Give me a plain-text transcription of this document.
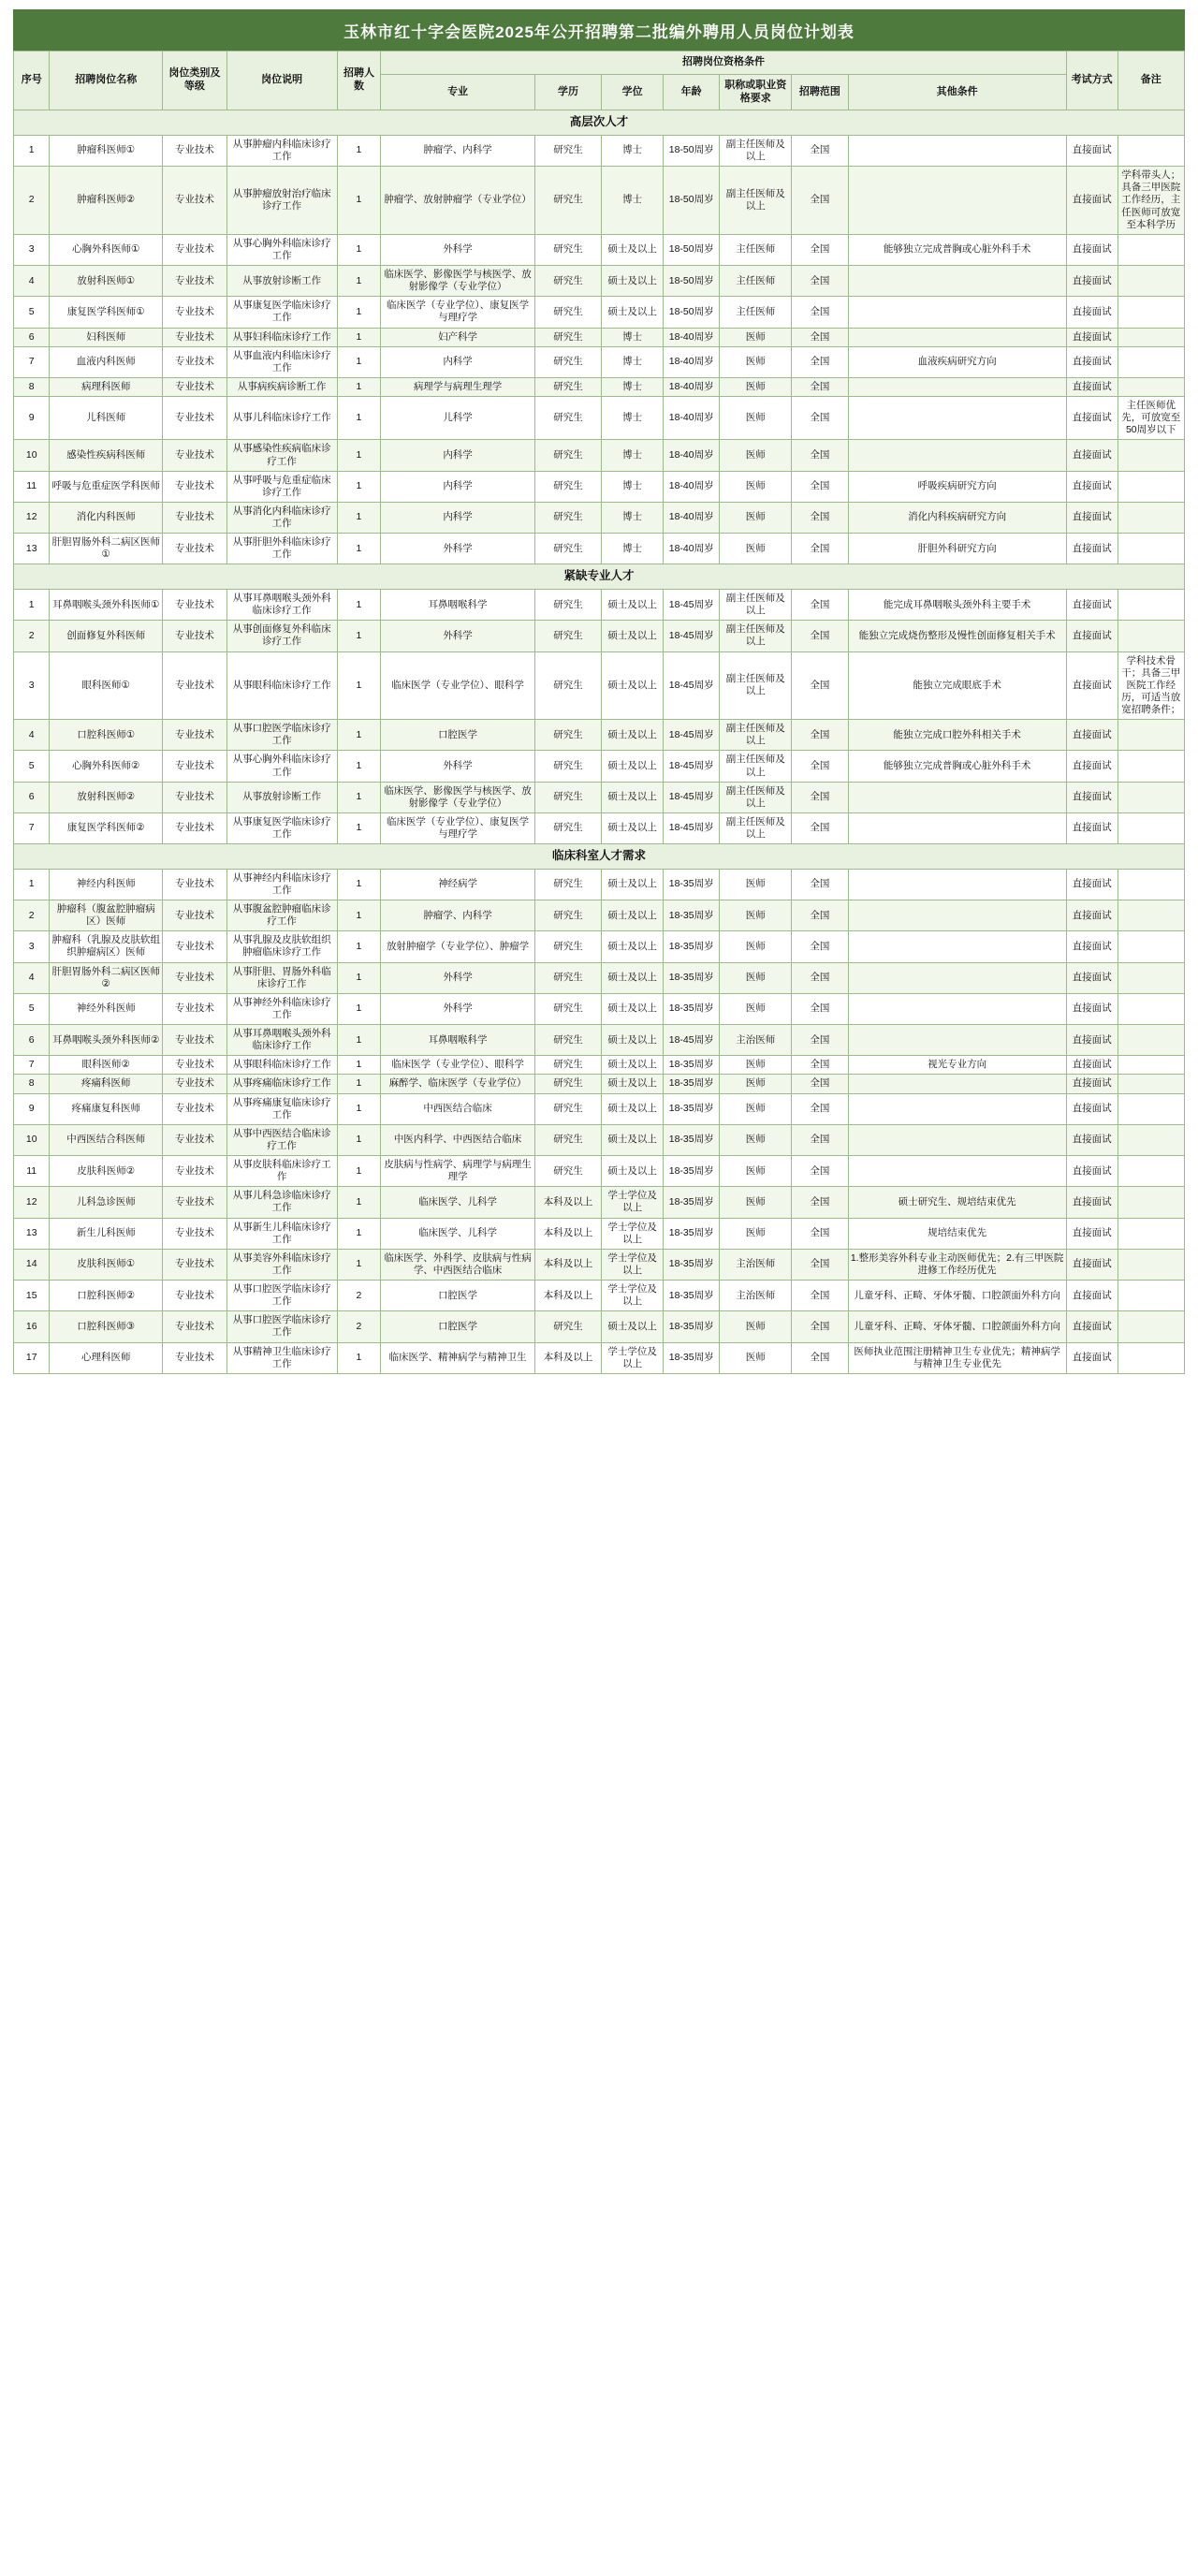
玉林市红十字会医院2025年公开招聘第二批编外聘用人员岗位计划表
序号	招聘岗位名称	岗位类别及等级	岗位说明	招聘人数	招聘岗位资格条件							考试方式	备注
					专业	学历	学位	年龄	职称或职业资格要求	招聘范围	其他条件		
高层次人才													
1	肿瘤科医师①	专业技术	从事肿瘤内科临床诊疗工作	1	肿瘤学、内科学	研究生	博士	18-50周岁	副主任医师及以上	全国		直接面试	
2	肿瘤科医师②	专业技术	从事肿瘤放射治疗临床诊疗工作	1	肿瘤学、放射肿瘤学（专业学位）	研究生	博士	18-50周岁	副主任医师及以上	全国		直接面试	学科带头人；具备三甲医院工作经历，主任医师可放宽至本科学历
3	心胸外科医师①	专业技术	从事心胸外科临床诊疗工作	1	外科学	研究生	硕士及以上	18-50周岁	主任医师	全国	能够独立完成普胸或心脏外科手术	直接面试	
4	放射科医师①	专业技术	从事放射诊断工作	1	临床医学、影像医学与核医学、放射影像学（专业学位）	研究生	硕士及以上	18-50周岁	主任医师	全国		直接面试	
5	康复医学科医师①	专业技术	从事康复医学临床诊疗工作	1	临床医学（专业学位）、康复医学与理疗学	研究生	硕士及以上	18-50周岁	主任医师	全国		直接面试	
6	妇科医师	专业技术	从事妇科临床诊疗工作	1	妇产科学	研究生	博士	18-40周岁	医师	全国		直接面试	
7	血液内科医师	专业技术	从事血液内科临床诊疗工作	1	内科学	研究生	博士	18-40周岁	医师	全国	血液疾病研究方向	直接面试	
8	病理科医师	专业技术	从事病疾病诊断工作	1	病理学与病理生理学	研究生	博士	18-40周岁	医师	全国		直接面试	
9	儿科医师	专业技术	从事儿科临床诊疗工作	1	儿科学	研究生	博士	18-40周岁	医师	全国		直接面试	主任医师优先，可放宽至50周岁以下
10	感染性疾病科医师	专业技术	从事感染性疾病临床诊疗工作	1	内科学	研究生	博士	18-40周岁	医师	全国		直接面试	
11	呼吸与危重症医学科医师	专业技术	从事呼吸与危重症临床诊疗工作	1	内科学	研究生	博士	18-40周岁	医师	全国	呼吸疾病研究方向	直接面试	
12	消化内科医师	专业技术	从事消化内科临床诊疗工作	1	内科学	研究生	博士	18-40周岁	医师	全国	消化内科疾病研究方向	直接面试	
13	肝胆胃肠外科二病区医师①	专业技术	从事肝胆外科临床诊疗工作	1	外科学	研究生	博士	18-40周岁	医师	全国	肝胆外科研究方向	直接面试	
紧缺专业人才													
1	耳鼻咽喉头颈外科医师①	专业技术	从事耳鼻咽喉头颈外科临床诊疗工作	1	耳鼻咽喉科学	研究生	硕士及以上	18-45周岁	副主任医师及以上	全国	能完成耳鼻咽喉头颈外科主要手术	直接面试	
2	创面修复外科医师	专业技术	从事创面修复外科临床诊疗工作	1	外科学	研究生	硕士及以上	18-45周岁	副主任医师及以上	全国	能独立完成烧伤整形及慢性创面修复相关手术	直接面试	
3	眼科医师①	专业技术	从事眼科临床诊疗工作	1	临床医学（专业学位）、眼科学	研究生	硕士及以上	18-45周岁	副主任医师及以上	全国	能独立完成眼底手术	直接面试	学科技术骨干；具备三甲医院工作经历，可适当放宽招聘条件；
4	口腔科医师①	专业技术	从事口腔医学临床诊疗工作	1	口腔医学	研究生	硕士及以上	18-45周岁	副主任医师及以上	全国	能独立完成口腔外科相关手术	直接面试	
5	心胸外科医师②	专业技术	从事心胸外科临床诊疗工作	1	外科学	研究生	硕士及以上	18-45周岁	副主任医师及以上	全国	能够独立完成普胸或心脏外科手术	直接面试	
6	放射科医师②	专业技术	从事放射诊断工作	1	临床医学、影像医学与核医学、放射影像学（专业学位）	研究生	硕士及以上	18-45周岁	副主任医师及以上	全国		直接面试	
7	康复医学科医师②	专业技术	从事康复医学临床诊疗工作	1	临床医学（专业学位）、康复医学与理疗学	研究生	硕士及以上	18-45周岁	副主任医师及以上	全国		直接面试	
临床科室人才需求													
1	神经内科医师	专业技术	从事神经内科临床诊疗工作	1	神经病学	研究生	硕士及以上	18-35周岁	医师	全国		直接面试	
2	肿瘤科（腹盆腔肿瘤病区）医师	专业技术	从事腹盆腔肿瘤临床诊疗工作	1	肿瘤学、内科学	研究生	硕士及以上	18-35周岁	医师	全国		直接面试	
3	肿瘤科（乳腺及皮肤软组织肿瘤病区）医师	专业技术	从事乳腺及皮肤软组织肿瘤临床诊疗工作	1	放射肿瘤学（专业学位）、肿瘤学	研究生	硕士及以上	18-35周岁	医师	全国		直接面试	
4	肝胆胃肠外科二病区医师②	专业技术	从事肝胆、胃肠外科临床诊疗工作	1	外科学	研究生	硕士及以上	18-35周岁	医师	全国		直接面试	
5	神经外科医师	专业技术	从事神经外科临床诊疗工作	1	外科学	研究生	硕士及以上	18-35周岁	医师	全国		直接面试	
6	耳鼻咽喉头颈外科医师②	专业技术	从事耳鼻咽喉头颈外科临床诊疗工作	1	耳鼻咽喉科学	研究生	硕士及以上	18-45周岁	主治医师	全国		直接面试	
7	眼科医师②	专业技术	从事眼科临床诊疗工作	1	临床医学（专业学位）、眼科学	研究生	硕士及以上	18-35周岁	医师	全国	视光专业方向	直接面试	
8	疼痛科医师	专业技术	从事疼痛临床诊疗工作	1	麻醉学、临床医学（专业学位）	研究生	硕士及以上	18-35周岁	医师	全国		直接面试	
9	疼痛康复科医师	专业技术	从事疼痛康复临床诊疗工作	1	中西医结合临床	研究生	硕士及以上	18-35周岁	医师	全国		直接面试	
10	中西医结合科医师	专业技术	从事中西医结合临床诊疗工作	1	中医内科学、中西医结合临床	研究生	硕士及以上	18-35周岁	医师	全国		直接面试	
11	皮肤科医师②	专业技术	从事皮肤科临床诊疗工作	1	皮肤病与性病学、病理学与病理生理学	研究生	硕士及以上	18-35周岁	医师	全国		直接面试	
12	儿科急诊医师	专业技术	从事儿科急诊临床诊疗工作	1	临床医学、儿科学	本科及以上	学士学位及以上	18-35周岁	医师	全国	硕士研究生、规培结束优先	直接面试	
13	新生儿科医师	专业技术	从事新生儿科临床诊疗工作	1	临床医学、儿科学	本科及以上	学士学位及以上	18-35周岁	医师	全国	规培结束优先	直接面试	
14	皮肤科医师①	专业技术	从事美容外科临床诊疗工作	1	临床医学、外科学、皮肤病与性病学、中西医结合临床	本科及以上	学士学位及以上	18-35周岁	主治医师	全国	1.整形美容外科专业主动医师优先；2.有三甲医院进修工作经历优先	直接面试	
15	口腔科医师②	专业技术	从事口腔医学临床诊疗工作	2	口腔医学	本科及以上	学士学位及以上	18-35周岁	主治医师	全国	儿童牙科、正畸、牙体牙髓、口腔颌面外科方向	直接面试	
16	口腔科医师③	专业技术	从事口腔医学临床诊疗工作	2	口腔医学	研究生	硕士及以上	18-35周岁	医师	全国	儿童牙科、正畸、牙体牙髓、口腔颌面外科方向	直接面试	
17	心理科医师	专业技术	从事精神卫生临床诊疗工作	1	临床医学、精神病学与精神卫生	本科及以上	学士学位及以上	18-35周岁	医师	全国	医师执业范围注册精神卫生专业优先；精神病学与精神卫生专业优先	直接面试	
